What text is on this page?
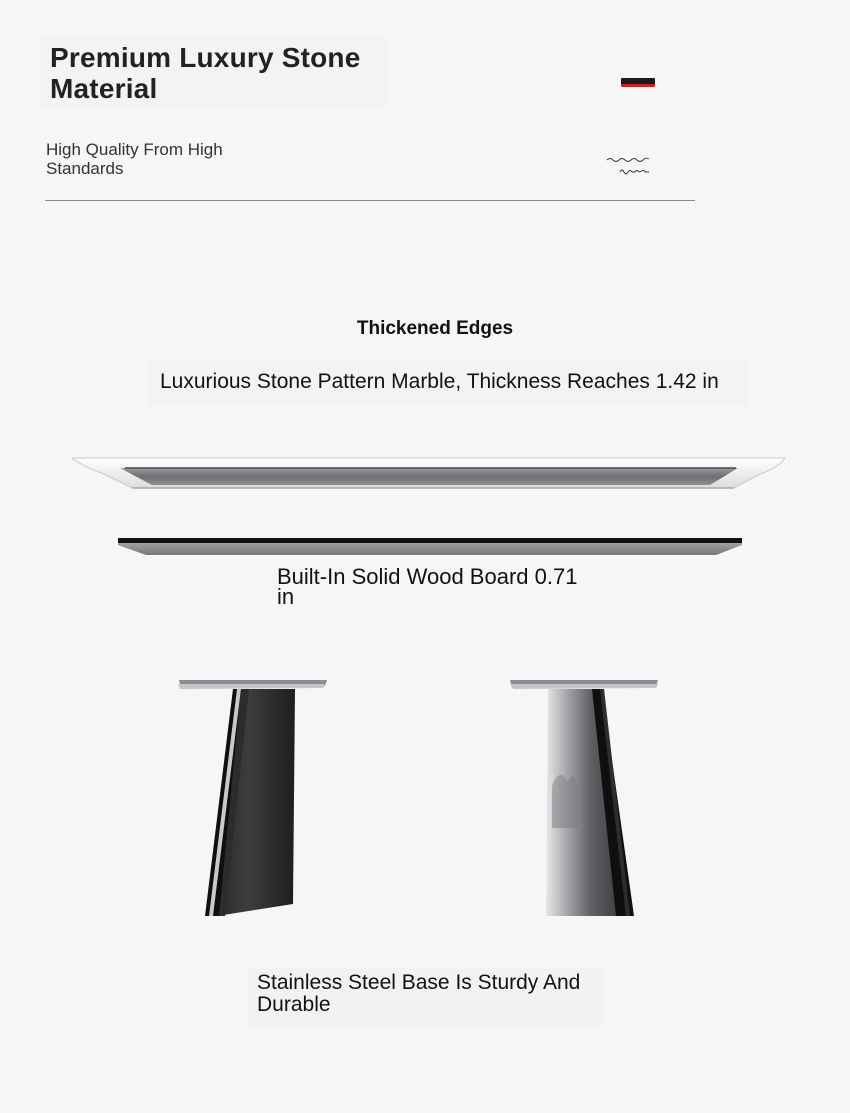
Premium Luxury Stone Material
High Quality From High Standards
Thickened Edges
Luxurious Stone Pattern Marble, Thickness Reaches 1.42 in
Built-In Solid Wood Board 0.71 in
Stainless Steel Base Is Sturdy And Durable
